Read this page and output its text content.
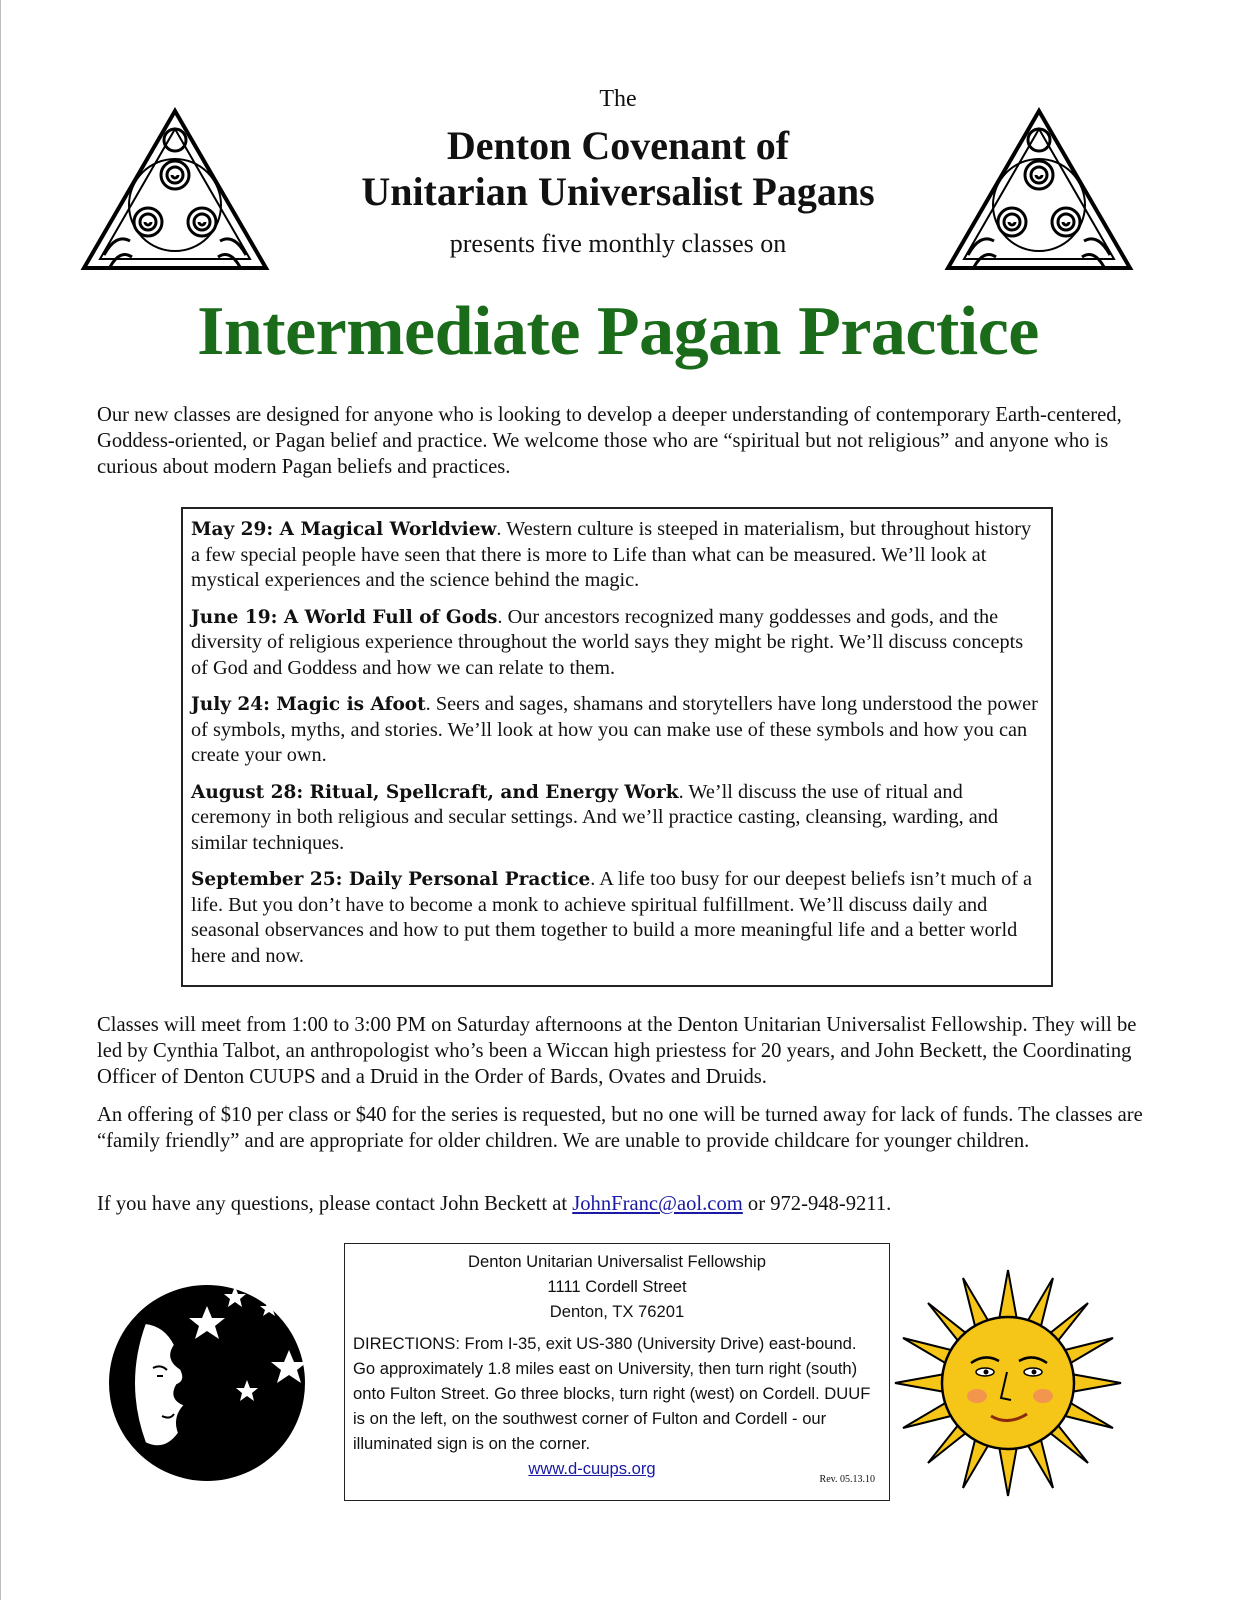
The
Denton Covenant of
Unitarian Universalist Pagans
presents five monthly classes on
Intermediate Pagan Practice
Our new classes are designed for anyone who is looking to develop a deeper understanding of contemporary Earth-centered, Goddess-oriented, or Pagan belief and practice. We welcome those who are “spiritual but not religious” and anyone who is curious about modern Pagan beliefs and practices.

May 29: A Magical Worldview. Western culture is steeped in materialism, but throughout history a few special people have seen that there is more to Life than what can be measured. We’ll look at mystical experiences and the science behind the magic.

June 19: A World Full of Gods. Our ancestors recognized many goddesses and gods, and the diversity of religious experience throughout the world says they might be right. We’ll discuss concepts of God and Goddess and how we can relate to them.

July 24: Magic is Afoot. Seers and sages, shamans and storytellers have long understood the power of symbols, myths, and stories. We’ll look at how you can make use of these symbols and how you can create your own.

August 28: Ritual, Spellcraft, and Energy Work. We’ll discuss the use of ritual and ceremony in both religious and secular settings. And we’ll practice casting, cleansing, warding, and similar techniques.

September 25: Daily Personal Practice. A life too busy for our deepest beliefs isn’t much of a life. But you don’t have to become a monk to achieve spiritual fulfillment. We’ll discuss daily and seasonal observances and how to put them together to build a more meaningful life and a better world here and now.

Classes will meet from 1:00 to 3:00 PM on Saturday afternoons at the Denton Unitarian Universalist Fellowship. They will be led by Cynthia Talbot, an anthropologist who’s been a Wiccan high priestess for 20 years, and John Beckett, the Coordinating Officer of Denton CUUPS and a Druid in the Order of Bards, Ovates and Druids.
An offering of $10 per class or $40 for the series is requested, but no one will be turned away for lack of funds. The classes are “family friendly” and are appropriate for older children. We are unable to provide childcare for younger children.
If you have any questions, please contact John Beckett at JohnFranc@aol.com or 972-948-9211.
Denton Unitarian Universalist Fellowship
1111 Cordell Street
Denton, TX 76201
DIRECTIONS: From I-35, exit US-380 (University Drive) east-bound. Go approximately 1.8 miles east on University, then turn right (south) onto Fulton Street. Go three blocks, turn right (west) on Cordell. DUUF is on the left, on the southwest corner of Fulton and Cordell - our illuminated sign is on the corner.
www.d-cuups.org
Rev. 05.13.10
